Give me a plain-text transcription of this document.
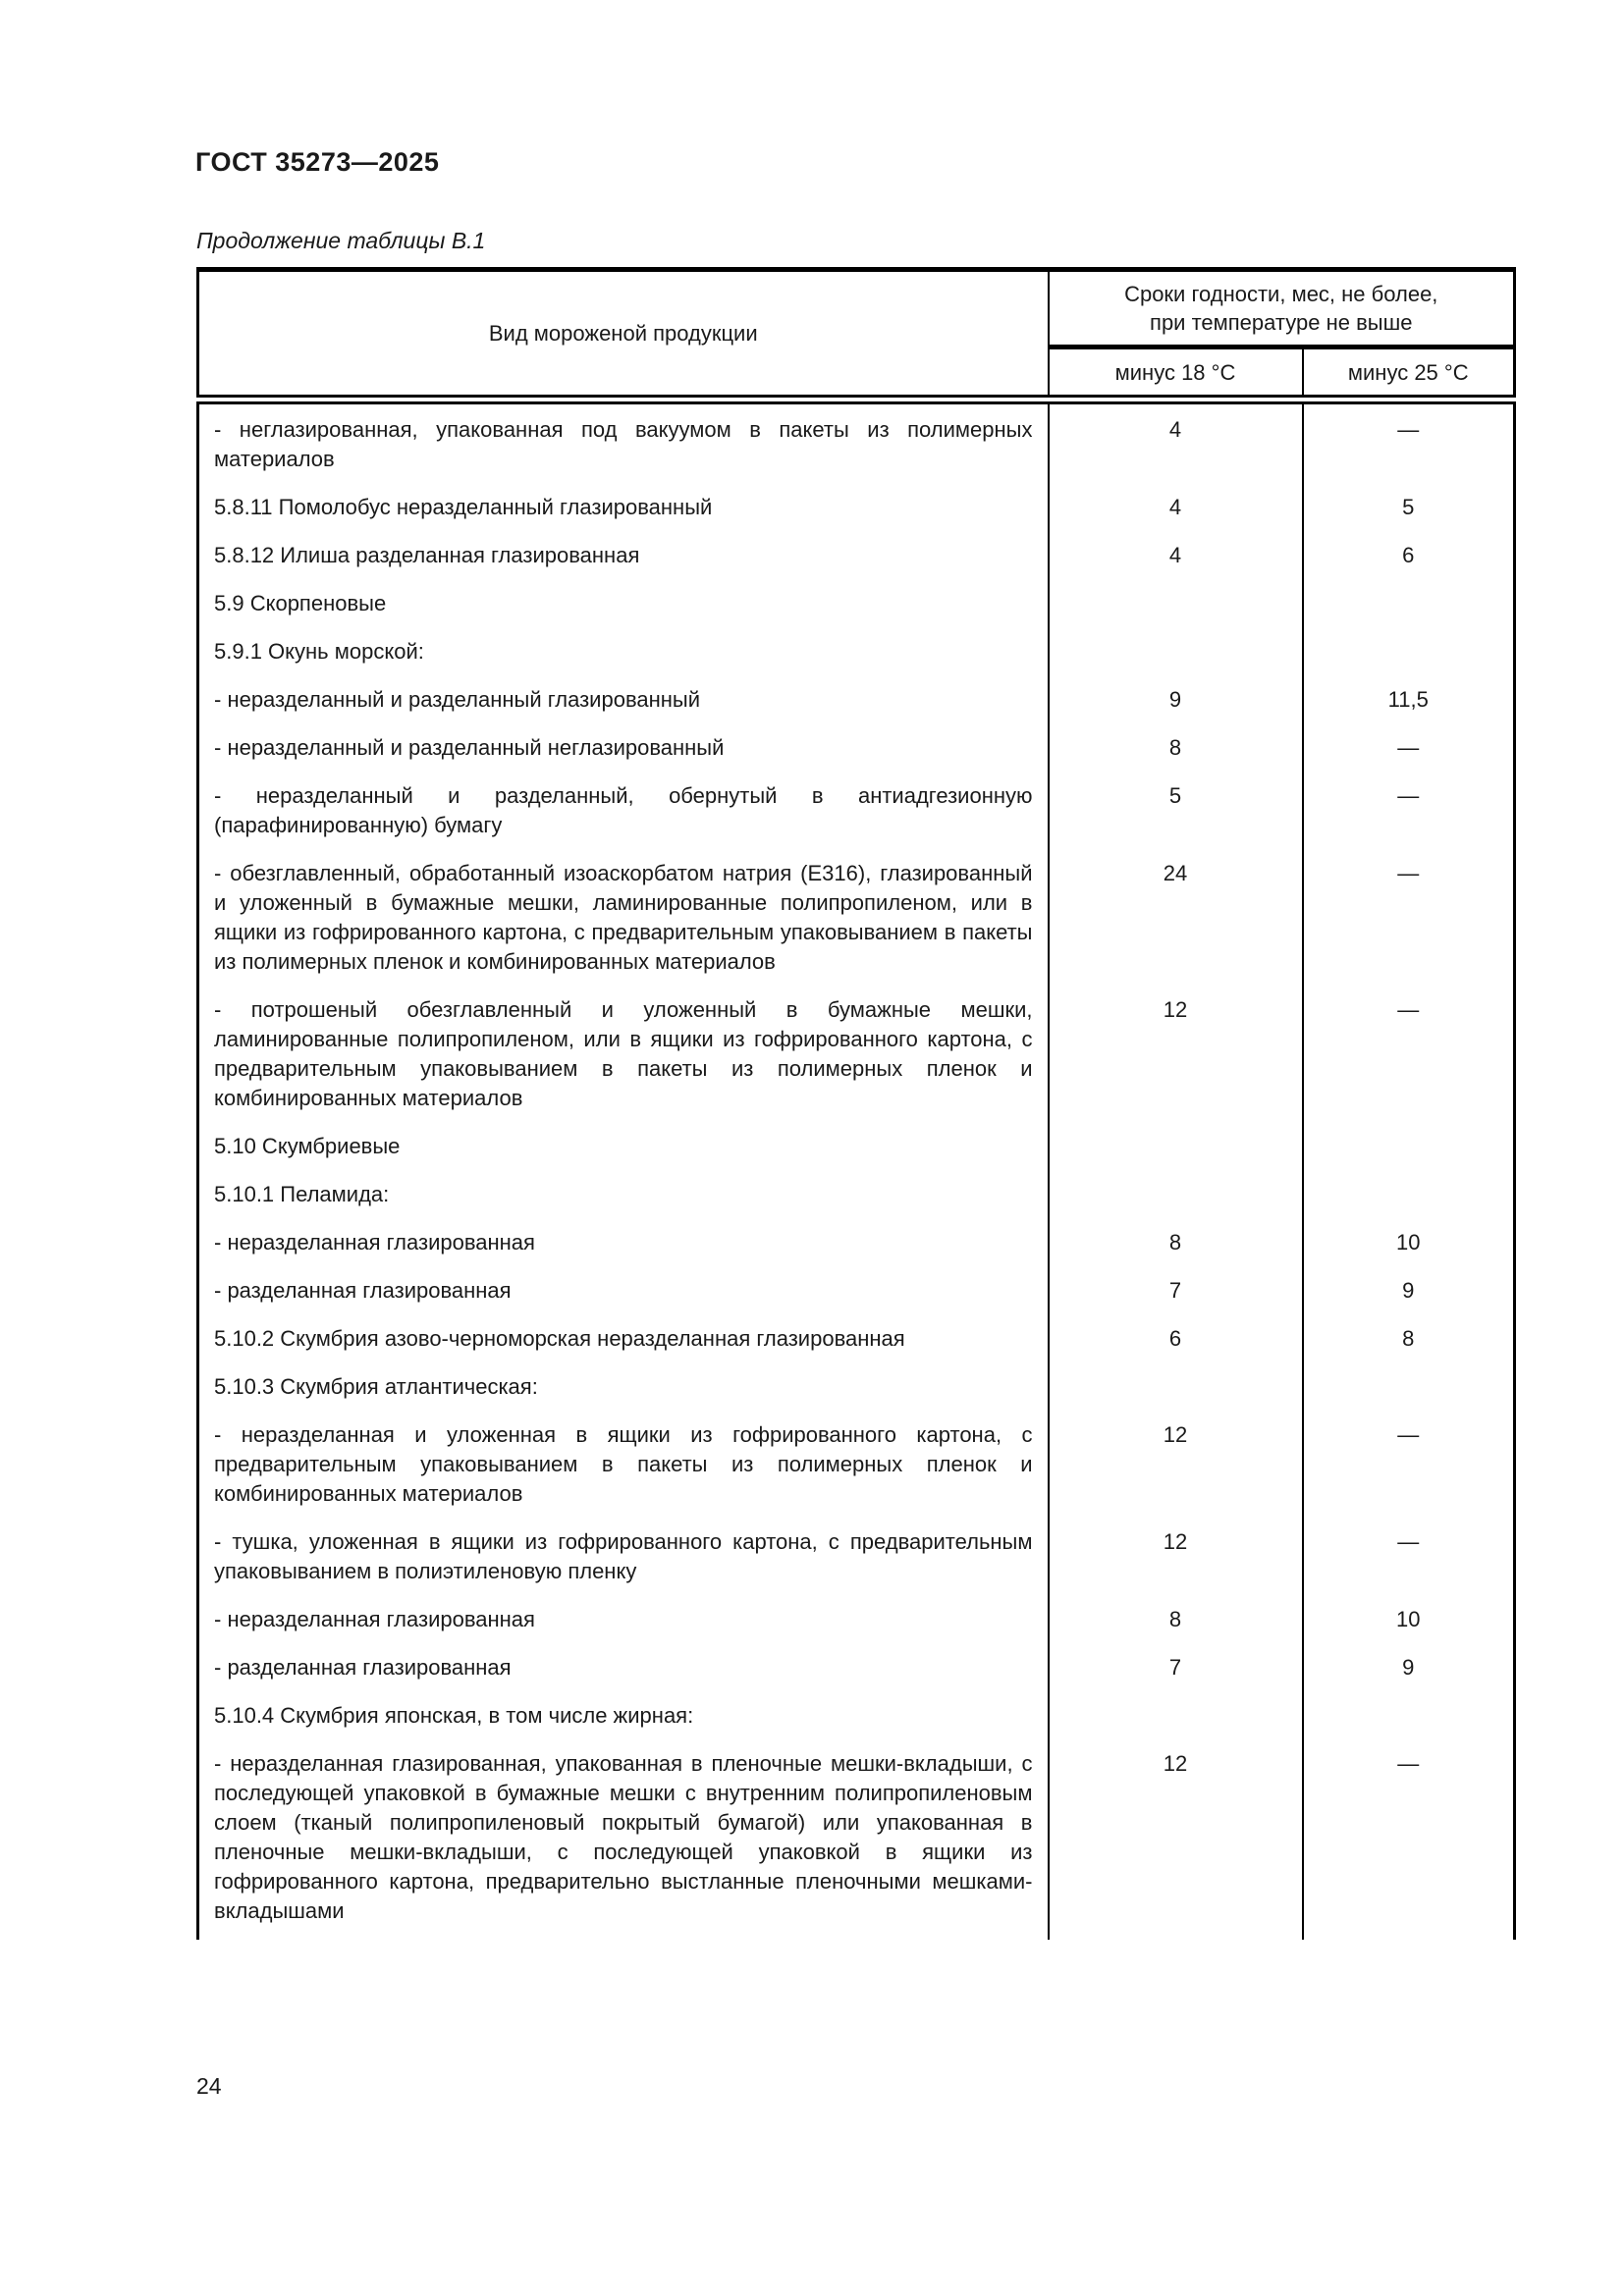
ГОСТ 35273—2025
Продолжение таблицы В.1
Вид мороженой продукции	Сроки годности, мес, не более,
при температуре не выше	
	минус 18 °С	минус 25 °С
- неглазированная, упакованная под вакуумом в пакеты из полимерных материалов	4	—
5.8.11 Помолобус неразделанный глазированный	4	5
5.8.12 Илиша разделанная глазированная	4	6
5.9 Скорпеновые		
5.9.1 Окунь морской:		
- неразделанный и разделанный глазированный	9	11,5
- неразделанный и разделанный неглазированный	8	—
- неразделанный и разделанный, обернутый в антиадгезионную (парафинированную) бумагу	5	—
- обезглавленный, обработанный изоаскорбатом натрия (Е316), глазированный и уложенный в бумажные мешки, ламинированные полипропиленом, или в ящики из гофрированного картона, с предварительным упаковыванием в пакеты из полимерных пленок и комбинированных материалов	24	—
- потрошеный обезглавленный и уложенный в бумажные мешки, ламинированные полипропиленом, или в ящики из гофрированного картона, с предварительным упаковыванием в пакеты из полимерных пленок и комбинированных материалов	12	—
5.10 Скумбриевые		
5.10.1 Пеламида:		
- неразделанная глазированная	8	10
- разделанная глазированная	7	9
5.10.2 Скумбрия азово-черноморская неразделанная глазированная	6	8
5.10.3 Скумбрия атлантическая:		
- неразделанная и уложенная в ящики из гофрированного картона, с предварительным упаковыванием в пакеты из полимерных пленок и комбинированных материалов	12	—
- тушка, уложенная в ящики из гофрированного картона, с предварительным упаковыванием в полиэтиленовую пленку	12	—
- неразделанная глазированная	8	10
- разделанная глазированная	7	9
5.10.4 Скумбрия японская, в том числе жирная:		
- неразделанная глазированная, упакованная в пленочные мешки-вкладыши, с последующей упаковкой в бумажные мешки с внутренним полипропиленовым слоем (тканый полипропиленовый покрытый бумагой) или упакованная в пленочные мешки-вкладыши, с последующей упаковкой в ящики из гофрированного картона, предварительно выстланные пленочными мешками-вкладышами	12	—
24
